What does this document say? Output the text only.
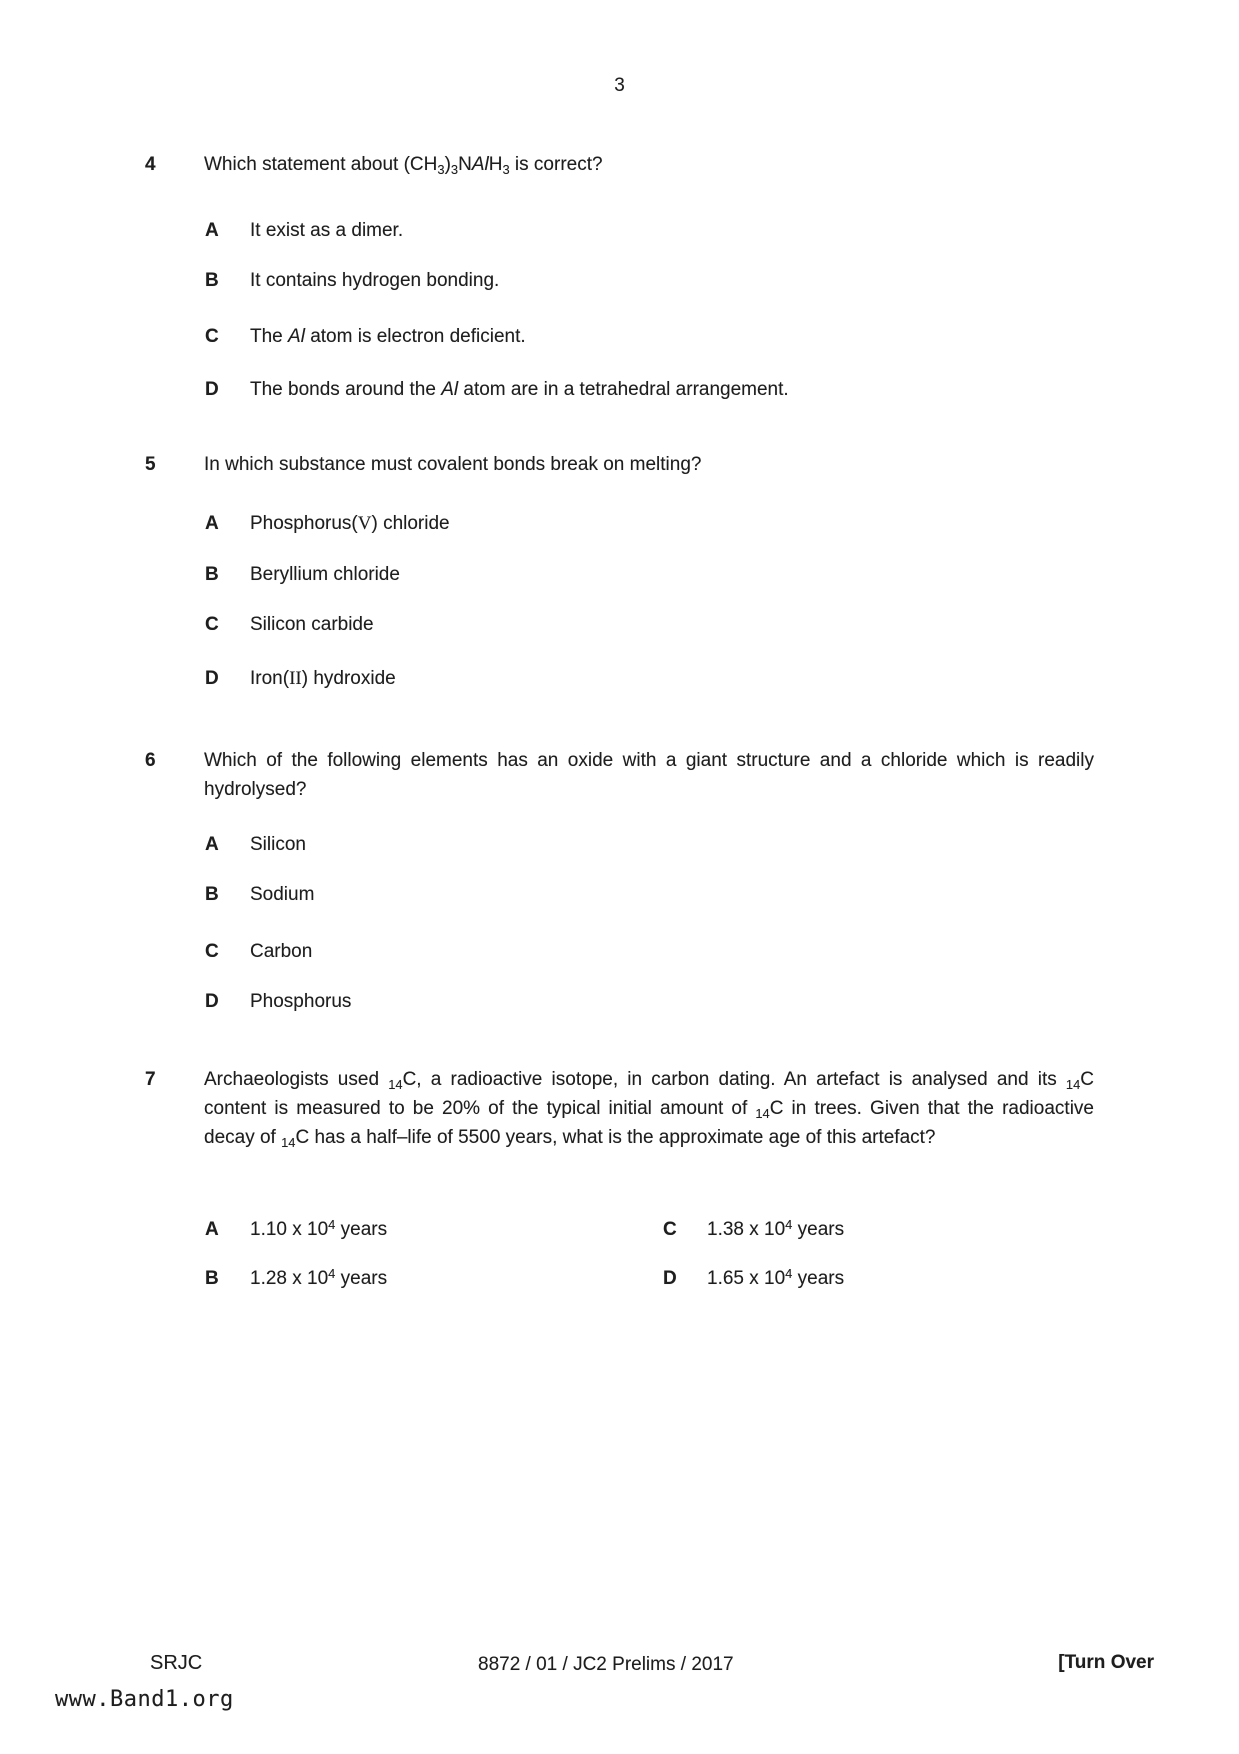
3
4	Which statement about $(CH_3)_3NAlH_3$ is correct?
A	It exist as a dimer.
B	It contains hydrogen bonding.
C	The Al atom is electron deficient.
D	The bonds around the Al atom are in a tetrahedral arrangement.
5	In which substance must covalent bonds break on melting?
A	Phosphorus(V) chloride
B	Beryllium chloride
C	Silicon carbide
D	Iron(II) hydroxide
6	Which of the following elements has an oxide with a giant structure and a chloride which is readily hydrolysed?
A	Silicon
B	Sodium
C	Carbon
D	Phosphorus
7	Archaeologists used $_{14}$C, a radioactive isotope, in carbon dating. An artefact is analysed and its $_{14}$C content is measured to be 20% of the typical initial amount of $_{14}$C in trees. Given that the radioactive decay of $_{14}$C has a half–life of 5500 years, what is the approximate age of this artefact?
A	1.10 x $10^4$ years	C	1.38 x $10^4$ years
B	1.28 x $10^4$ years	D	1.65 x $10^4$ years
SRJC	8872 / 01 / JC2 Prelims / 2017	[Turn Over
www.Band1.org
